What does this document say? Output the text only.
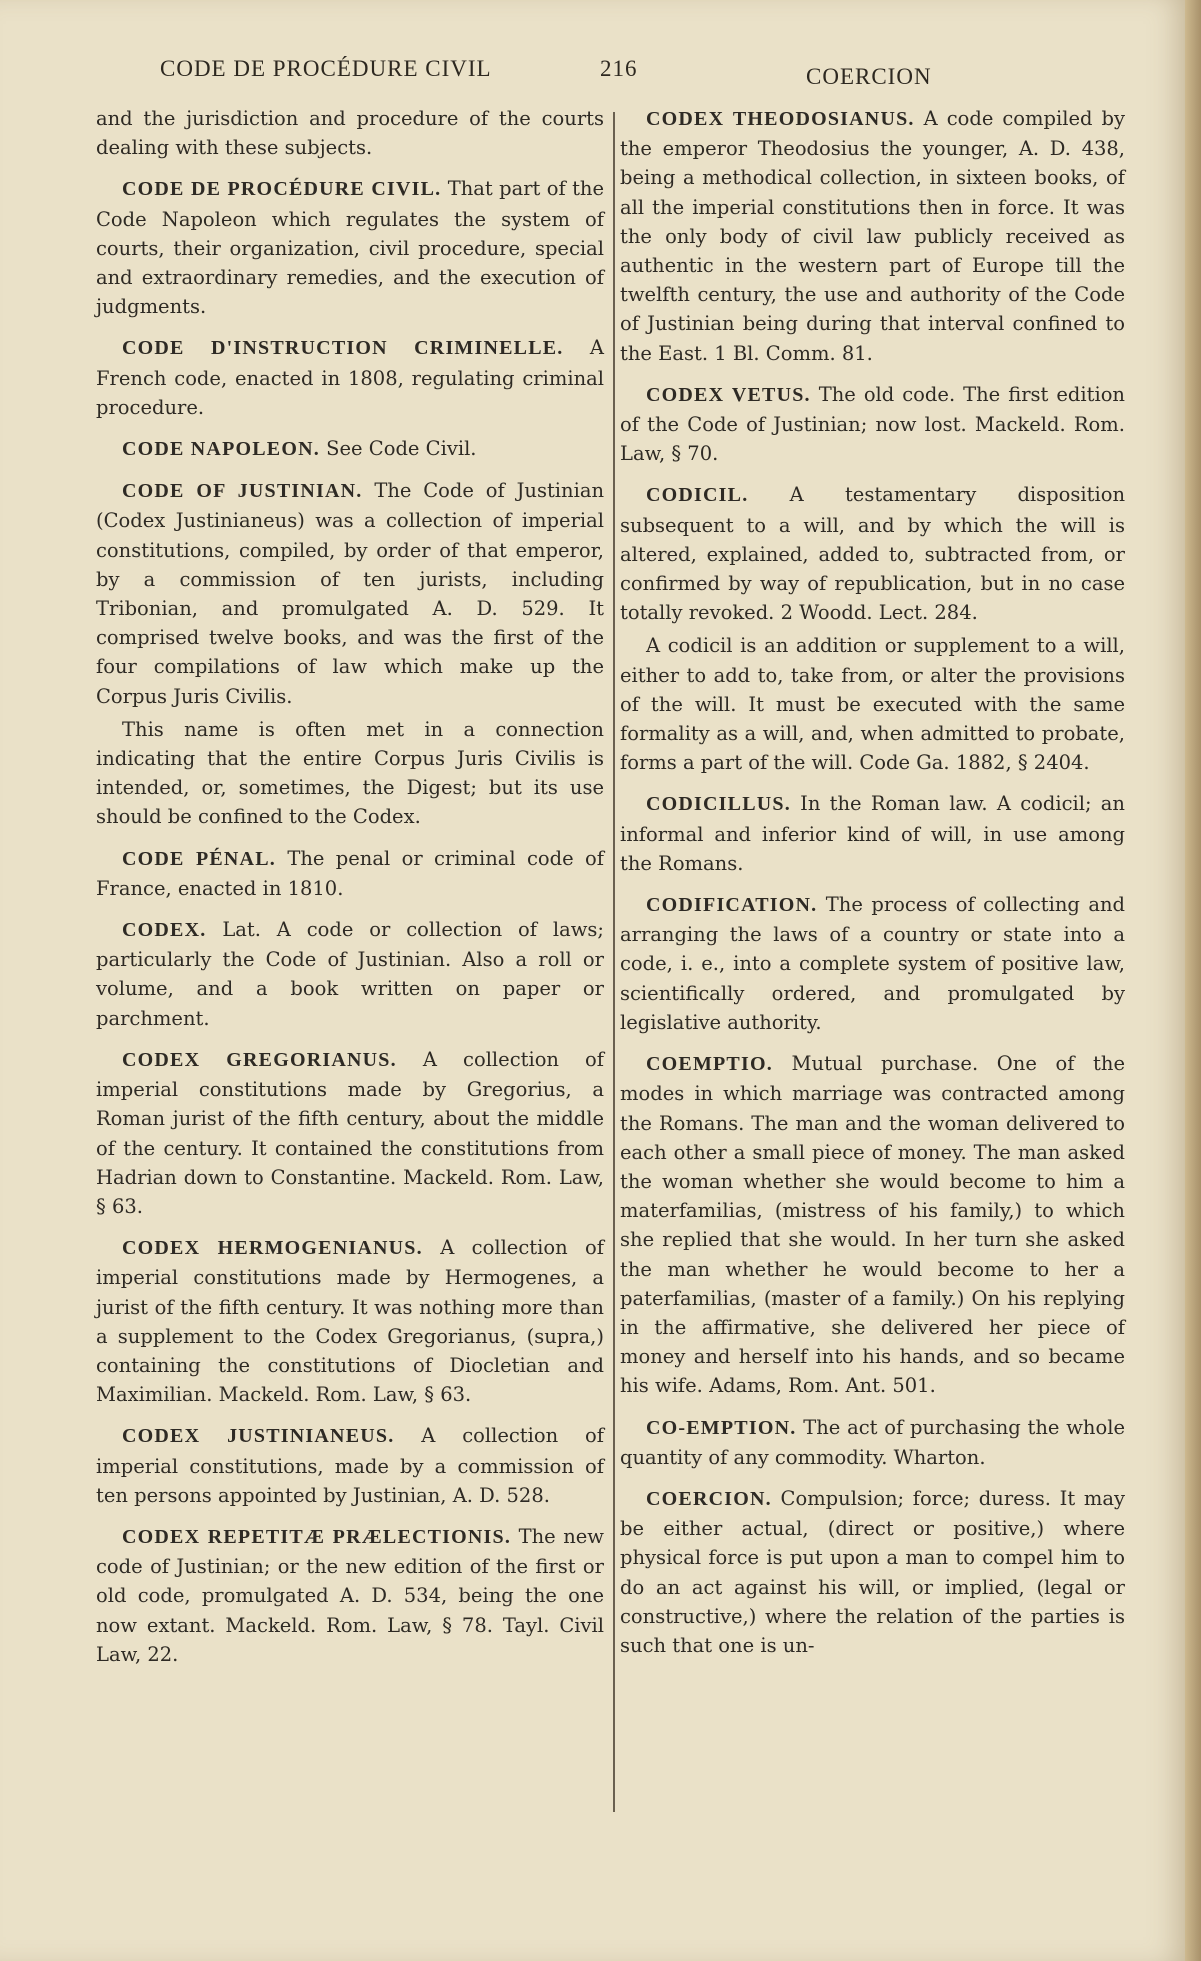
CODE DE PROCÉDURE CIVIL	216	COERCION

and the jurisdiction and procedure of the courts dealing with these subjects.

CODE DE PROCÉDURE CIVIL. That part of the Code Napoleon which regulates the system of courts, their organization, civil procedure, special and extraordinary remedies, and the execution of judgments.

CODE D'INSTRUCTION CRIMINELLE. A French code, enacted in 1808, regulating criminal procedure.

CODE NAPOLEON. See Code Civil.

CODE OF JUSTINIAN. The Code of Justinian (Codex Justinianeus) was a collection of imperial constitutions, compiled, by order of that emperor, by a commission of ten jurists, including Tribonian, and promulgated A. D. 529. It comprised twelve books, and was the first of the four compilations of law which make up the Corpus Juris Civilis.

This name is often met in a connection indicating that the entire Corpus Juris Civilis is intended, or, sometimes, the Digest; but its use should be confined to the Codex.

CODE PÉNAL. The penal or criminal code of France, enacted in 1810.

CODEX. Lat. A code or collection of laws; particularly the Code of Justinian. Also a roll or volume, and a book written on paper or parchment.

CODEX GREGORIANUS. A collection of imperial constitutions made by Gregorius, a Roman jurist of the fifth century, about the middle of the century. It contained the constitutions from Hadrian down to Constantine. Mackeld. Rom. Law, § 63.

CODEX HERMOGENIANUS. A collection of imperial constitutions made by Hermogenes, a jurist of the fifth century. It was nothing more than a supplement to the Codex Gregorianus, (supra,) containing the constitutions of Diocletian and Maximilian. Mackeld. Rom. Law, § 63.

CODEX JUSTINIANEUS. A collection of imperial constitutions, made by a commission of ten persons appointed by Justinian, A. D. 528.

CODEX REPETITÆ PRÆLECTIONIS. The new code of Justinian; or the new edition of the first or old code, promulgated A. D. 534, being the one now extant. Mackeld. Rom. Law, § 78. Tayl. Civil Law, 22.

CODEX THEODOSIANUS. A code compiled by the emperor Theodosius the younger, A. D. 438, being a methodical collection, in sixteen books, of all the imperial constitutions then in force. It was the only body of civil law publicly received as authentic in the western part of Europe till the twelfth century, the use and authority of the Code of Justinian being during that interval confined to the East. 1 Bl. Comm. 81.

CODEX VETUS. The old code. The first edition of the Code of Justinian; now lost. Mackeld. Rom. Law, § 70.

CODICIL. A testamentary disposition subsequent to a will, and by which the will is altered, explained, added to, subtracted from, or confirmed by way of republication, but in no case totally revoked. 2 Woodd. Lect. 284.

A codicil is an addition or supplement to a will, either to add to, take from, or alter the provisions of the will. It must be executed with the same formality as a will, and, when admitted to probate, forms a part of the will. Code Ga. 1882, § 2404.

CODICILLUS. In the Roman law. A codicil; an informal and inferior kind of will, in use among the Romans.

CODIFICATION. The process of collecting and arranging the laws of a country or state into a code, i. e., into a complete system of positive law, scientifically ordered, and promulgated by legislative authority.

COEMPTIO. Mutual purchase. One of the modes in which marriage was contracted among the Romans. The man and the woman delivered to each other a small piece of money. The man asked the woman whether she would become to him a materfamilias, (mistress of his family,) to which she replied that she would. In her turn she asked the man whether he would become to her a paterfamilias, (master of a family.) On his replying in the affirmative, she delivered her piece of money and herself into his hands, and so became his wife. Adams, Rom. Ant. 501.

CO-EMPTION. The act of purchasing the whole quantity of any commodity. Wharton.

COERCION. Compulsion; force; duress. It may be either actual, (direct or positive,) where physical force is put upon a man to compel him to do an act against his will, or implied, (legal or constructive,) where the relation of the parties is such that one is un-
